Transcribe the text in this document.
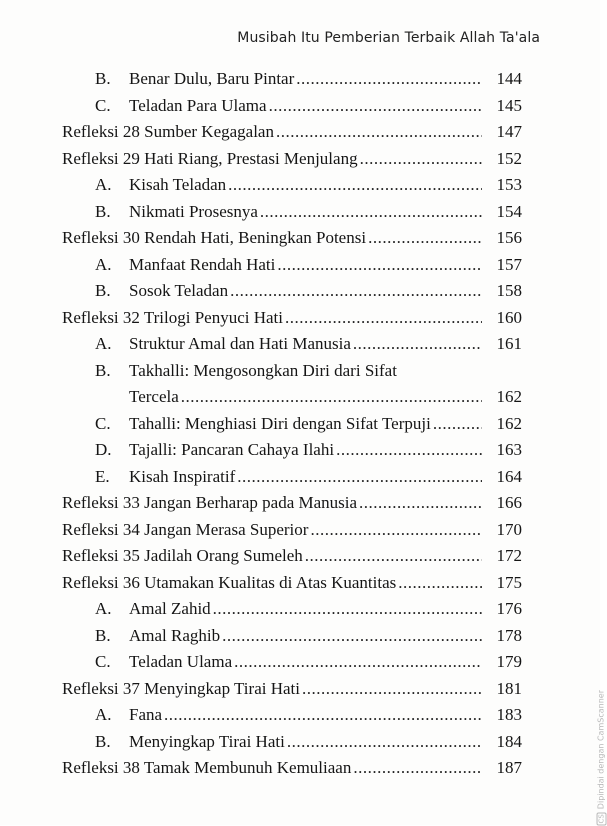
Musibah Itu Pemberian Terbaik Allah Ta'ala
B.	Benar Dulu, Baru Pintar .....	144
C.	Teladan Para Ulama .....	145
Refleksi 28 Sumber Kegagalan .....	147
Refleksi 29 Hati Riang, Prestasi Menjulang .....	152
A.	Kisah Teladan .....	153
B.	Nikmati Prosesnya .....	154
Refleksi 30 Rendah Hati, Beningkan Potensi .....	156
A.	Manfaat Rendah Hati .....	157
B.	Sosok Teladan .....	158
Refleksi 32 Trilogi Penyuci Hati .....	160
A.	Struktur Amal dan Hati Manusia .....	161
B.	Takhalli: Mengosongkan Diri dari Sifat
Tercela .....	162
C.	Tahalli: Menghiasi Diri dengan Sifat Terpuji .....	162
D.	Tajalli: Pancaran Cahaya Ilahi .....	163
E.	Kisah Inspiratif .....	164
Refleksi 33 Jangan Berharap pada Manusia .....	166
Refleksi 34 Jangan Merasa Superior .....	170
Refleksi 35 Jadilah Orang Sumeleh .....	172
Refleksi 36 Utamakan Kualitas di Atas Kuantitas .....	175
A.	Amal Zahid .....	176
B.	Amal Raghib .....	178
C.	Teladan Ulama .....	179
Refleksi 37 Menyingkap Tirai Hati .....	181
A.	Fana .....	183
B.	Menyingkap Tirai Hati .....	184
Refleksi 38 Tamak Membunuh Kemuliaan .....	187
CSDipindai dengan CamScanner
